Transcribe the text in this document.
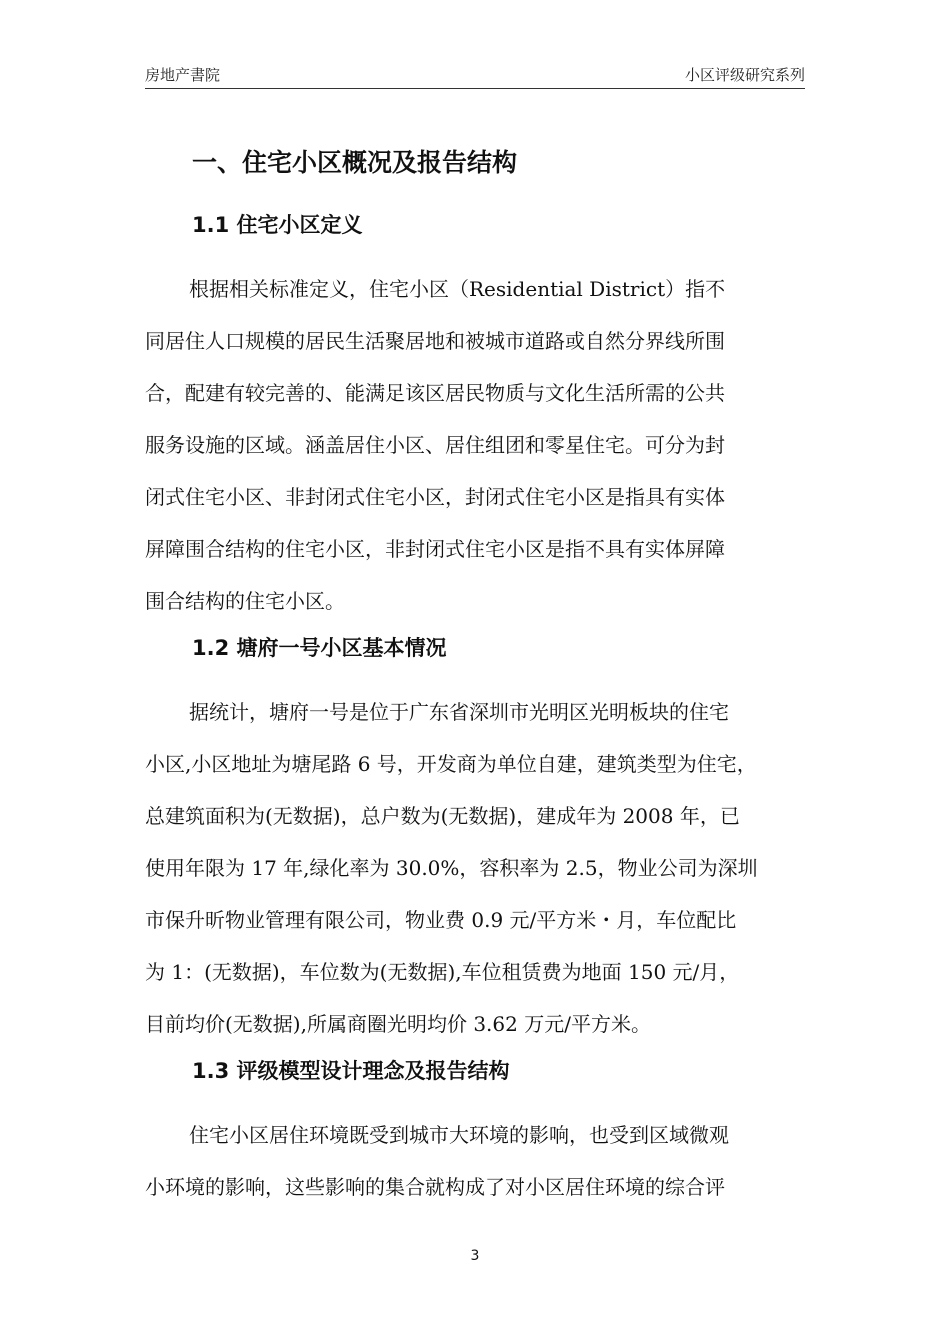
房地产書院	小区评级研究系列
一、住宅小区概况及报告结构
1.1 住宅小区定义
根据相关标准定义，住宅小区（Residential District）指不
同居住人口规模的居民生活聚居地和被城市道路或自然分界线所围
合，配建有较完善的、能满足该区居民物质与文化生活所需的公共
服务设施的区域。涵盖居住小区、居住组团和零星住宅。可分为封
闭式住宅小区、非封闭式住宅小区，封闭式住宅小区是指具有实体
屏障围合结构的住宅小区，非封闭式住宅小区是指不具有实体屏障
围合结构的住宅小区。
1.2 塘府一号小区基本情况
据统计，塘府一号是位于广东省深圳市光明区光明板块的住宅
小区,小区地址为塘尾路 6 号，开发商为单位自建，建筑类型为住宅，
总建筑面积为(无数据)，总户数为(无数据)，建成年为 2008 年，已
使用年限为 17 年,绿化率为 30.0%，容积率为 2.5，物业公司为深圳
市保升昕物业管理有限公司，物业费 0.9 元/平方米・月，车位配比
为 1：(无数据)，车位数为(无数据),车位租赁费为地面 150 元/月，
目前均价(无数据),所属商圈光明均价 3.62 万元/平方米。
1.3 评级模型设计理念及报告结构
住宅小区居住环境既受到城市大环境的影响，也受到区域微观
小环境的影响，这些影响的集合就构成了对小区居住环境的综合评
3
